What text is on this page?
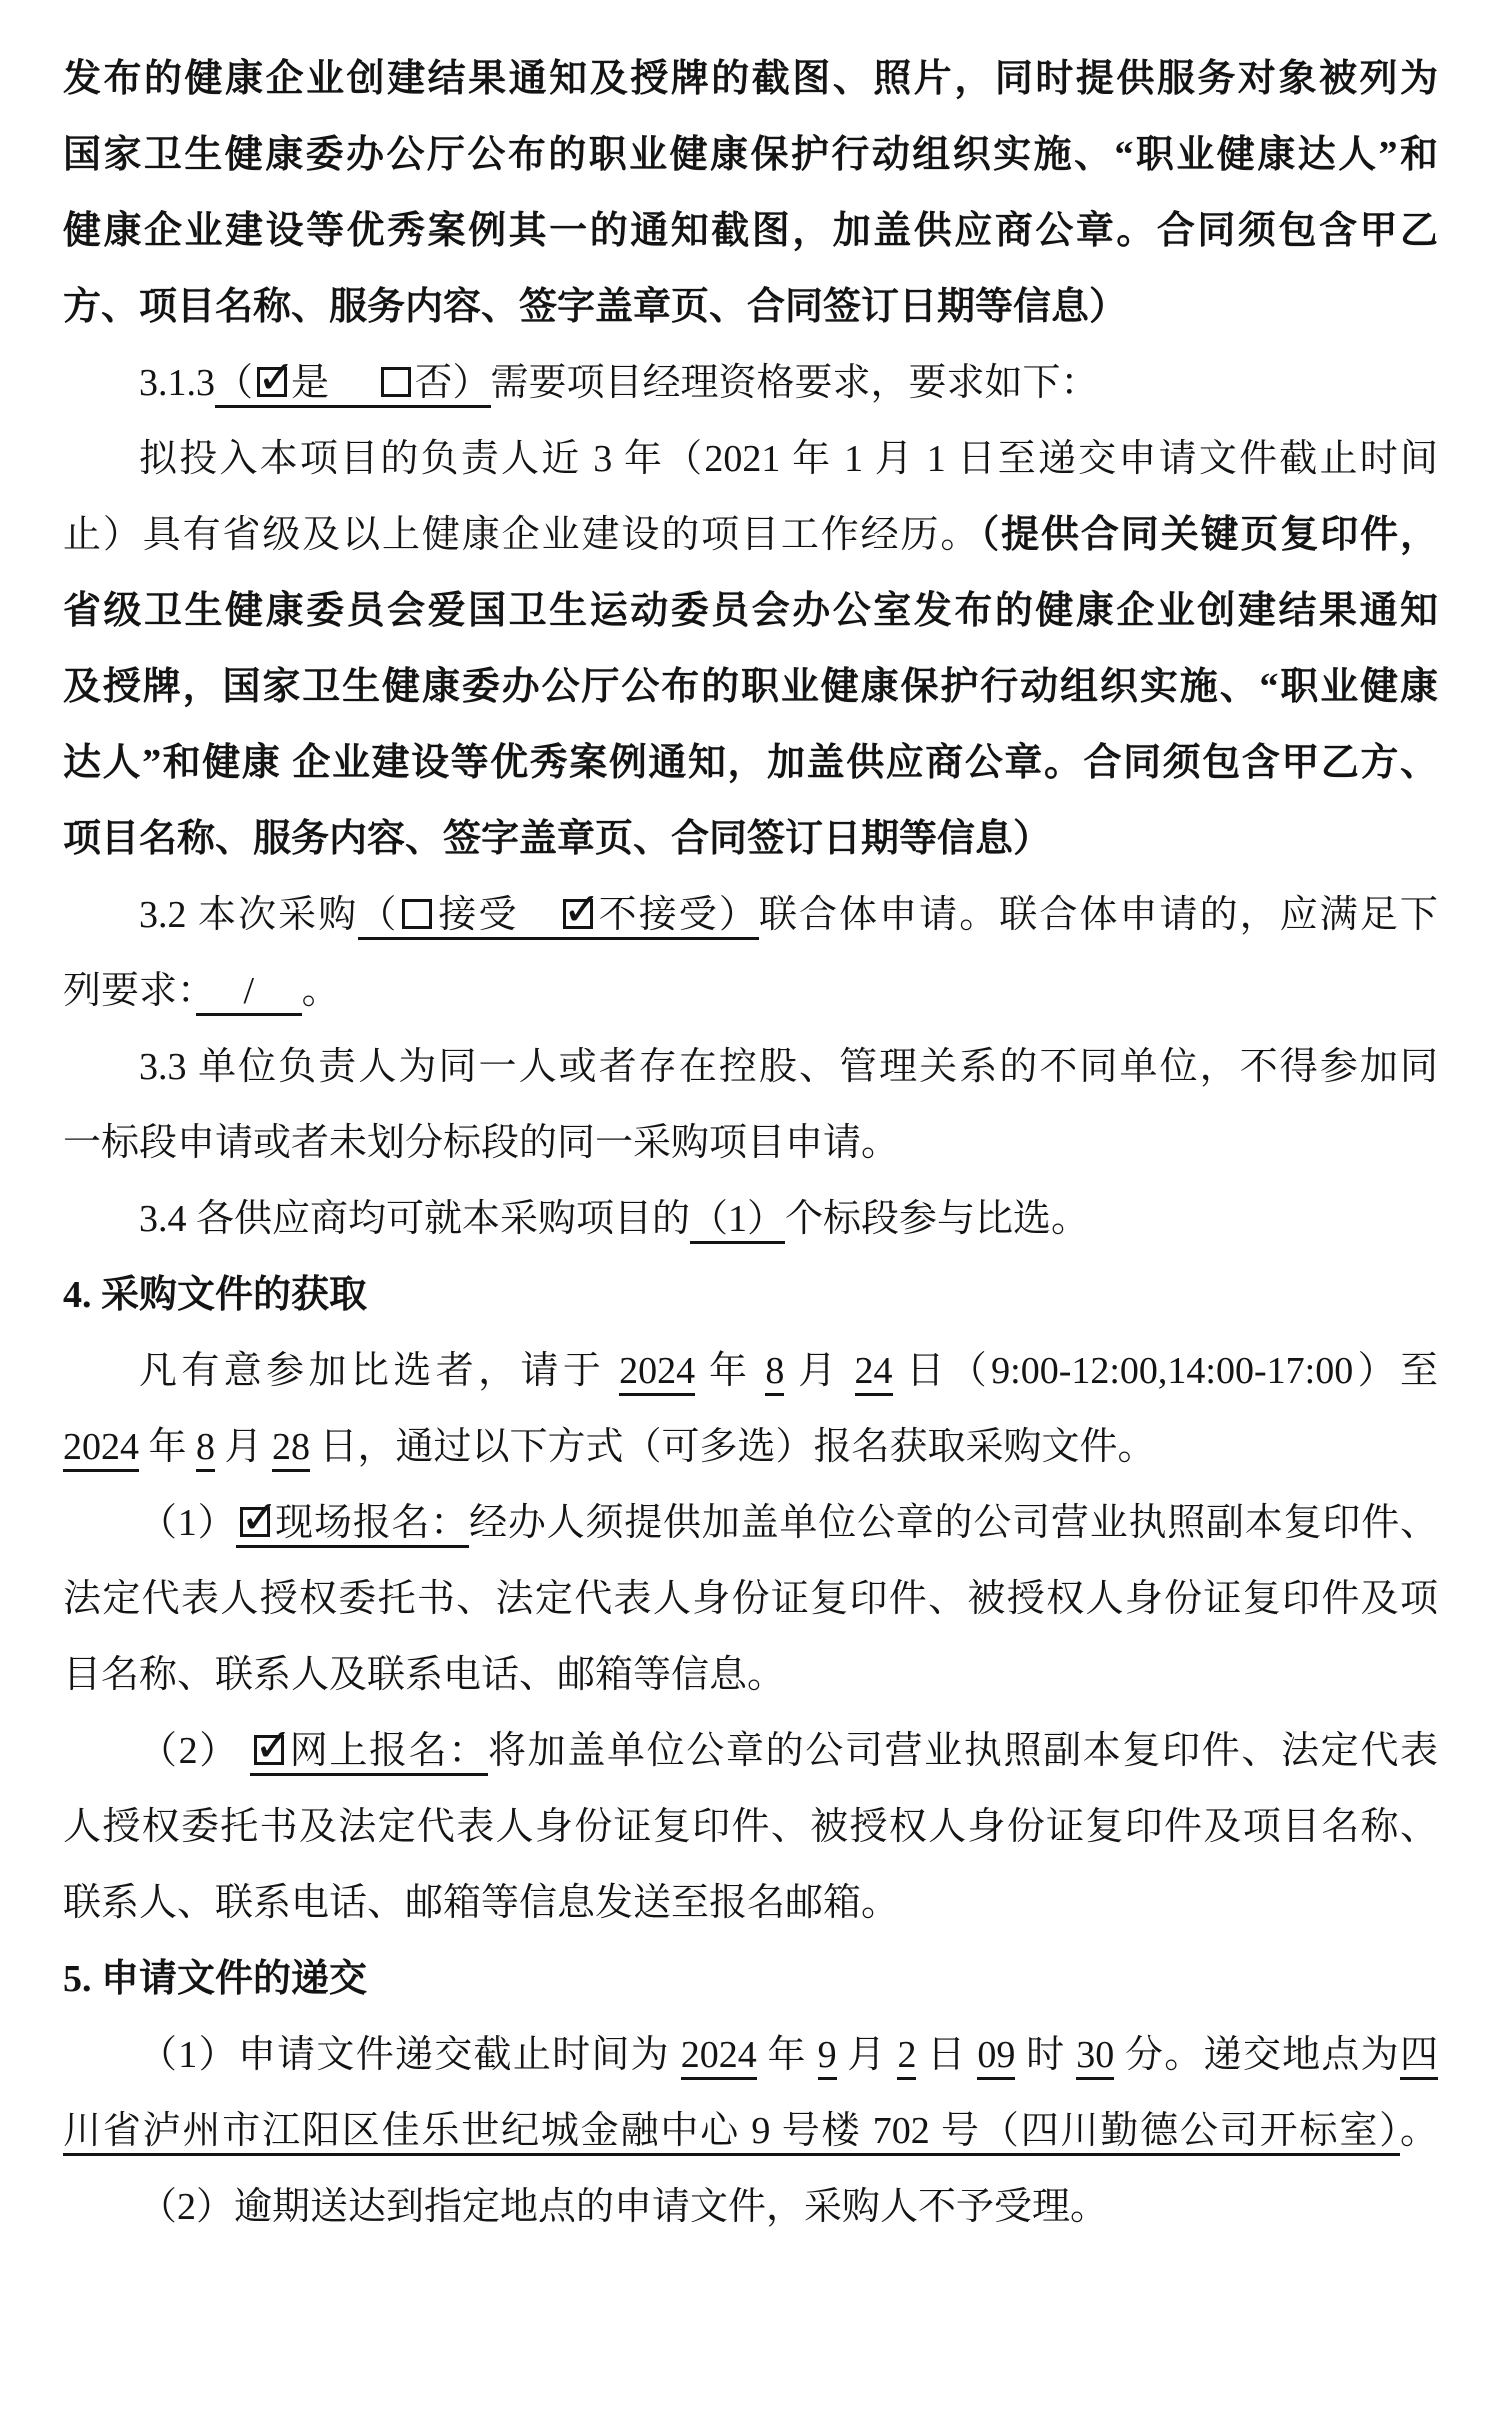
发布的健康企业创建结果通知及授牌的截图、照片，同时提供服务对象被列为
国家卫生健康委办公厅公布的职业健康保护行动组织实施、“职业健康达人”和
健康企业建设等优秀案例其一的通知截图，加盖供应商公章。合同须包含甲乙
方、项目名称、服务内容、签字盖章页、合同签订日期等信息）
3.1.3（ ✓ 是　 否）需要项目经理资格要求，要求如下：
拟投入本项目的负责人近 3 年（2021 年 1 月 1 日至递交申请文件截止时间
止）具有省级及以上健康企业建设的项目工作经历。（提供合同关键页复印件，
省级卫生健康委员会爱国卫生运动委员会办公室发布的健康企业创建结果通知
及授牌，国家卫生健康委办公厅公布的职业健康保护行动组织实施、“职业健康
达人”和健康 企业建设等优秀案例通知，加盖供应商公章。合同须包含甲乙方、
项目名称、服务内容、签字盖章页、合同签订日期等信息）
3.2 本次采购（ 接受　✓不接受）联合体申请。联合体申请的，应满足下
列要求：　 / 　。
3.3 单位负责人为同一人或者存在控股、管理关系的不同单位，不得参加同
一标段申请或者未划分标段的同一采购项目申请。
3.4 各供应商均可就本采购项目的（1）个标段参与比选。
4. 采购文件的获取
凡有意参加比选者，请于 2024 年 8 月 24 日（9:00-12:00,14:00-17:00）至
2024 年 8 月 28 日，通过以下方式（可多选）报名获取采购文件。
（1） ✓ 现场报名：经办人须提供加盖单位公章的公司营业执照副本复印件、
法定代表人授权委托书、法定代表人身份证复印件、被授权人身份证复印件及项
目名称、联系人及联系电话、邮箱等信息。
（2） ✓网上报名：将加盖单位公章的公司营业执照副本复印件、法定代表
人授权委托书及法定代表人身份证复印件、被授权人身份证复印件及项目名称、
联系人、联系电话、邮箱等信息发送至报名邮箱。
5. 申请文件的递交
（1）申请文件递交截止时间为 2024 年 9 月 2 日 09 时 30 分。递交地点为四
川省泸州市江阳区佳乐世纪城金融中心 9 号楼 702 号（四川勤德公司开标室）。
（2）逾期送达到指定地点的申请文件，采购人不予受理。
